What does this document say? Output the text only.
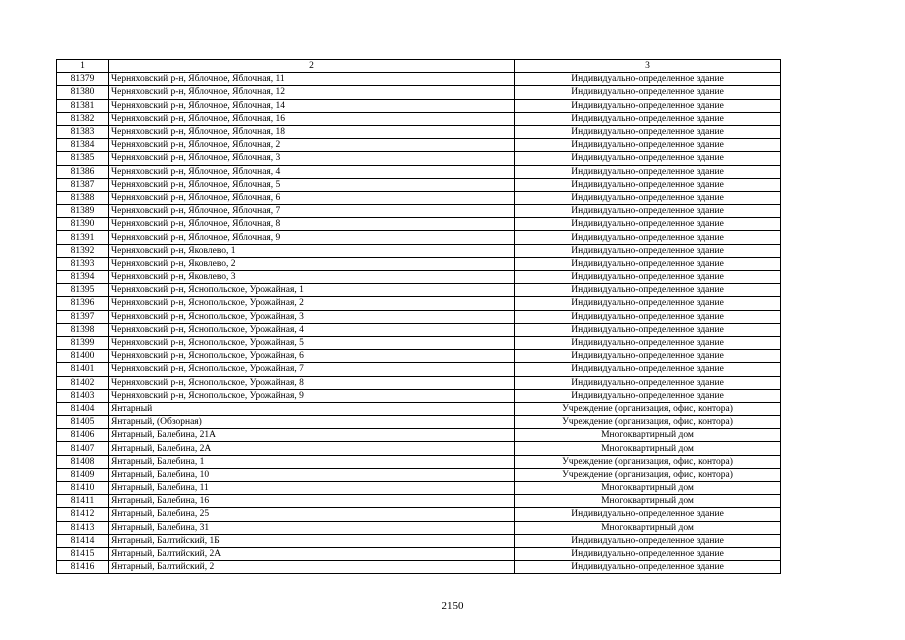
1	2	3
81379	Черняховский р-н, Яблочное, Яблочная, 11	Индивидуально-определенное здание
81380	Черняховский р-н, Яблочное, Яблочная, 12	Индивидуально-определенное здание
81381	Черняховский р-н, Яблочное, Яблочная, 14	Индивидуально-определенное здание
81382	Черняховский р-н, Яблочное, Яблочная, 16	Индивидуально-определенное здание
81383	Черняховский р-н, Яблочное, Яблочная, 18	Индивидуально-определенное здание
81384	Черняховский р-н, Яблочное, Яблочная, 2	Индивидуально-определенное здание
81385	Черняховский р-н, Яблочное, Яблочная, 3	Индивидуально-определенное здание
81386	Черняховский р-н, Яблочное, Яблочная, 4	Индивидуально-определенное здание
81387	Черняховский р-н, Яблочное, Яблочная, 5	Индивидуально-определенное здание
81388	Черняховский р-н, Яблочное, Яблочная, 6	Индивидуально-определенное здание
81389	Черняховский р-н, Яблочное, Яблочная, 7	Индивидуально-определенное здание
81390	Черняховский р-н, Яблочное, Яблочная, 8	Индивидуально-определенное здание
81391	Черняховский р-н, Яблочное, Яблочная, 9	Индивидуально-определенное здание
81392	Черняховский р-н, Яковлево, 1	Индивидуально-определенное здание
81393	Черняховский р-н, Яковлево, 2	Индивидуально-определенное здание
81394	Черняховский р-н, Яковлево, 3	Индивидуально-определенное здание
81395	Черняховский р-н, Яснопольское, Урожайная, 1	Индивидуально-определенное здание
81396	Черняховский р-н, Яснопольское, Урожайная, 2	Индивидуально-определенное здание
81397	Черняховский р-н, Яснопольское, Урожайная, 3	Индивидуально-определенное здание
81398	Черняховский р-н, Яснопольское, Урожайная, 4	Индивидуально-определенное здание
81399	Черняховский р-н, Яснопольское, Урожайная, 5	Индивидуально-определенное здание
81400	Черняховский р-н, Яснопольское, Урожайная, 6	Индивидуально-определенное здание
81401	Черняховский р-н, Яснопольское, Урожайная, 7	Индивидуально-определенное здание
81402	Черняховский р-н, Яснопольское, Урожайная, 8	Индивидуально-определенное здание
81403	Черняховский р-н, Яснопольское, Урожайная, 9	Индивидуально-определенное здание
81404	Янтарный	Учреждение (организация, офис, контора)
81405	Янтарный, (Обзорная)	Учреждение (организация, офис, контора)
81406	Янтарный, Балебина, 21А	Многоквартирный дом
81407	Янтарный, Балебина, 2А	Многоквартирный дом
81408	Янтарный, Балебина, 1	Учреждение (организация, офис, контора)
81409	Янтарный, Балебина, 10	Учреждение (организация, офис, контора)
81410	Янтарный, Балебина, 11	Многоквартирный дом
81411	Янтарный, Балебина, 16	Многоквартирный дом
81412	Янтарный, Балебина, 25	Индивидуально-определенное здание
81413	Янтарный, Балебина, 31	Многоквартирный дом
81414	Янтарный, Балтийский, 1Б	Индивидуально-определенное здание
81415	Янтарный, Балтийский, 2А	Индивидуально-определенное здание
81416	Янтарный, Балтийский, 2	Индивидуально-определенное здание
2150
